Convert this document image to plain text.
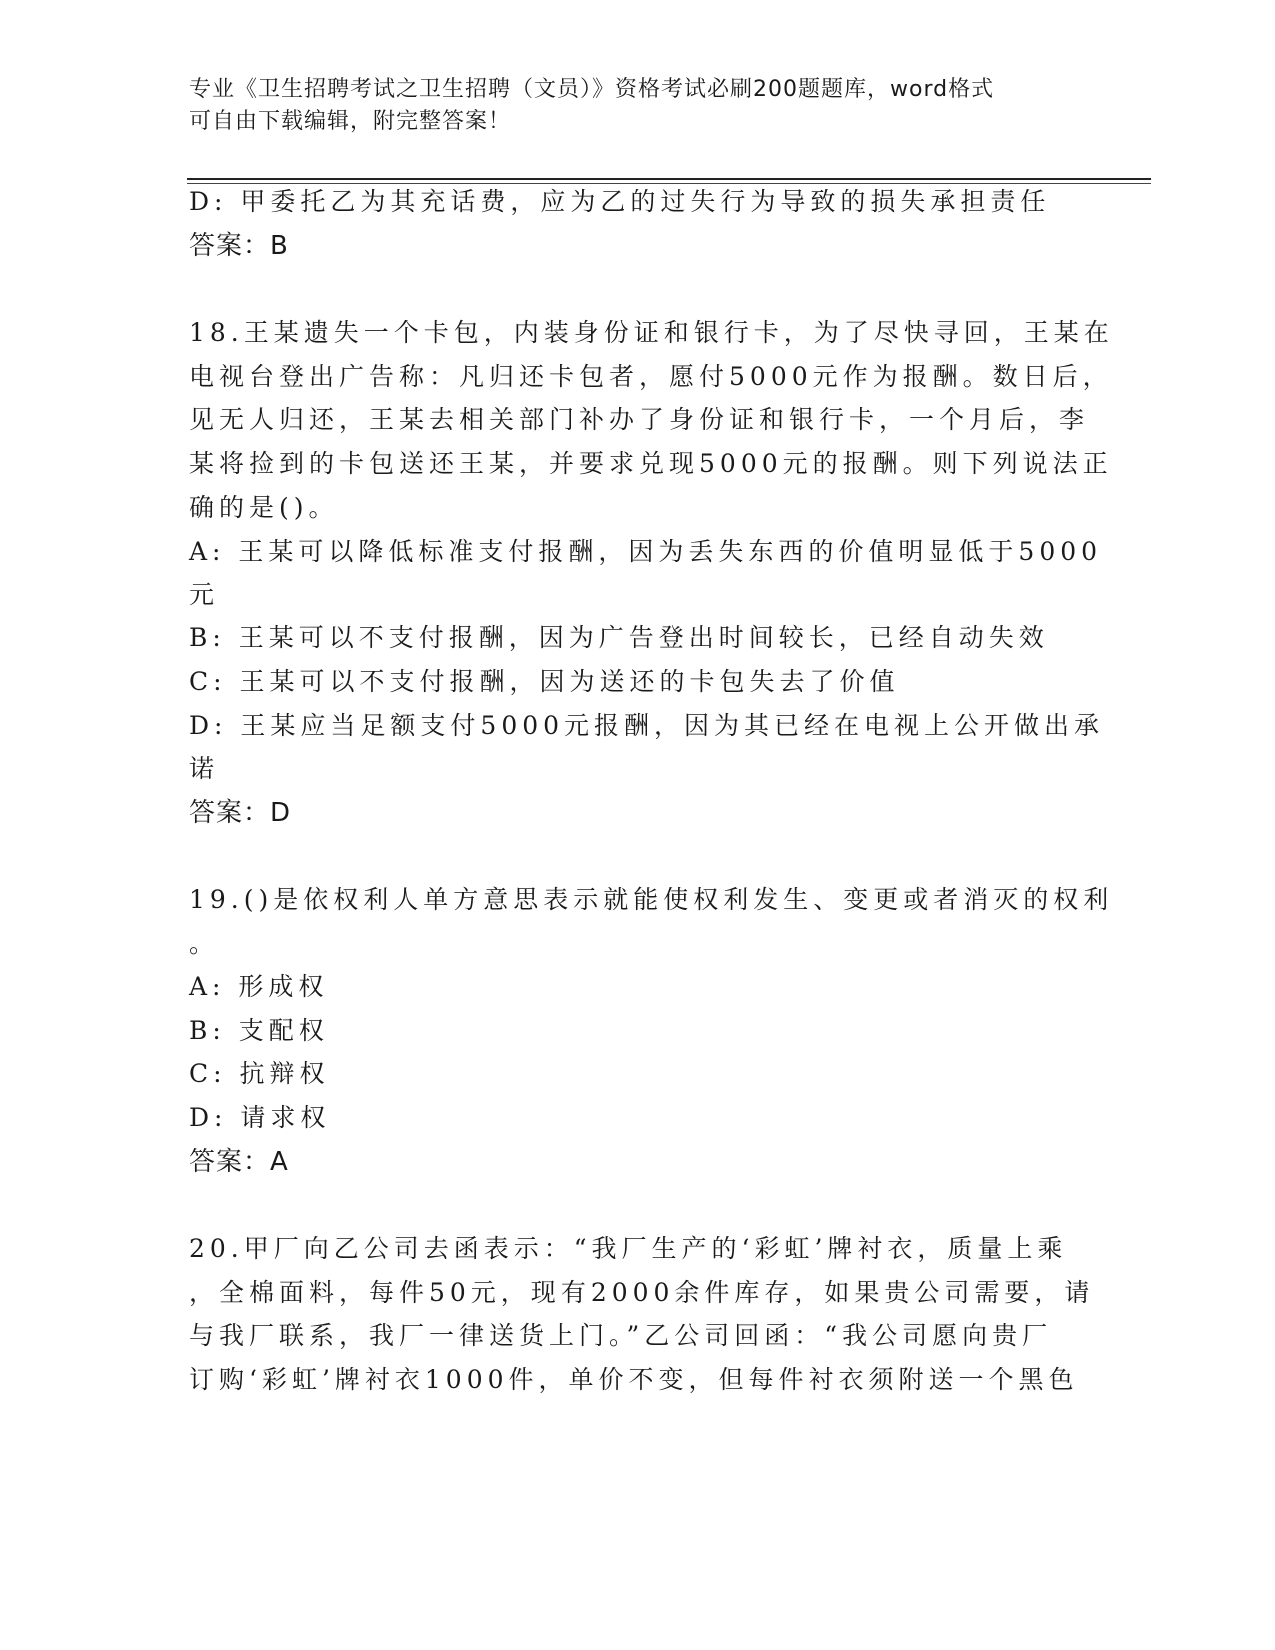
专业《卫生招聘考试之卫生招聘（文员）》资格考试必刷200题题库，word格式
可自由下载编辑，附完整答案！
D: 甲委托乙为其充话费，应为乙的过失行为导致的损失承担责任
答案：B
18.王某遗失一个卡包，内装身份证和银行卡，为了尽快寻回，王某在
电视台登出广告称：凡归还卡包者，愿付5000元作为报酬。数日后，
见无人归还，王某去相关部门补办了身份证和银行卡，一个月后，李
某将捡到的卡包送还王某，并要求兑现5000元的报酬。则下列说法正
确的是()。
A: 王某可以降低标准支付报酬，因为丢失东西的价值明显低于5000
元
B: 王某可以不支付报酬，因为广告登出时间较长，已经自动失效
C: 王某可以不支付报酬，因为送还的卡包失去了价值
D: 王某应当足额支付5000元报酬，因为其已经在电视上公开做出承
诺
答案：D
19.()是依权利人单方意思表示就能使权利发生、变更或者消灭的权利
。
A: 形成权
B: 支配权
C: 抗辩权
D: 请求权
答案：A
20.甲厂向乙公司去函表示：“我厂生产的‘彩虹’牌衬衣，质量上乘
，全棉面料，每件50元，现有2000余件库存，如果贵公司需要，请
与我厂联系，我厂一律送货上门。”乙公司回函：“我公司愿向贵厂
订购‘彩虹’牌衬衣1000件，单价不变，但每件衬衣须附送一个黑色
